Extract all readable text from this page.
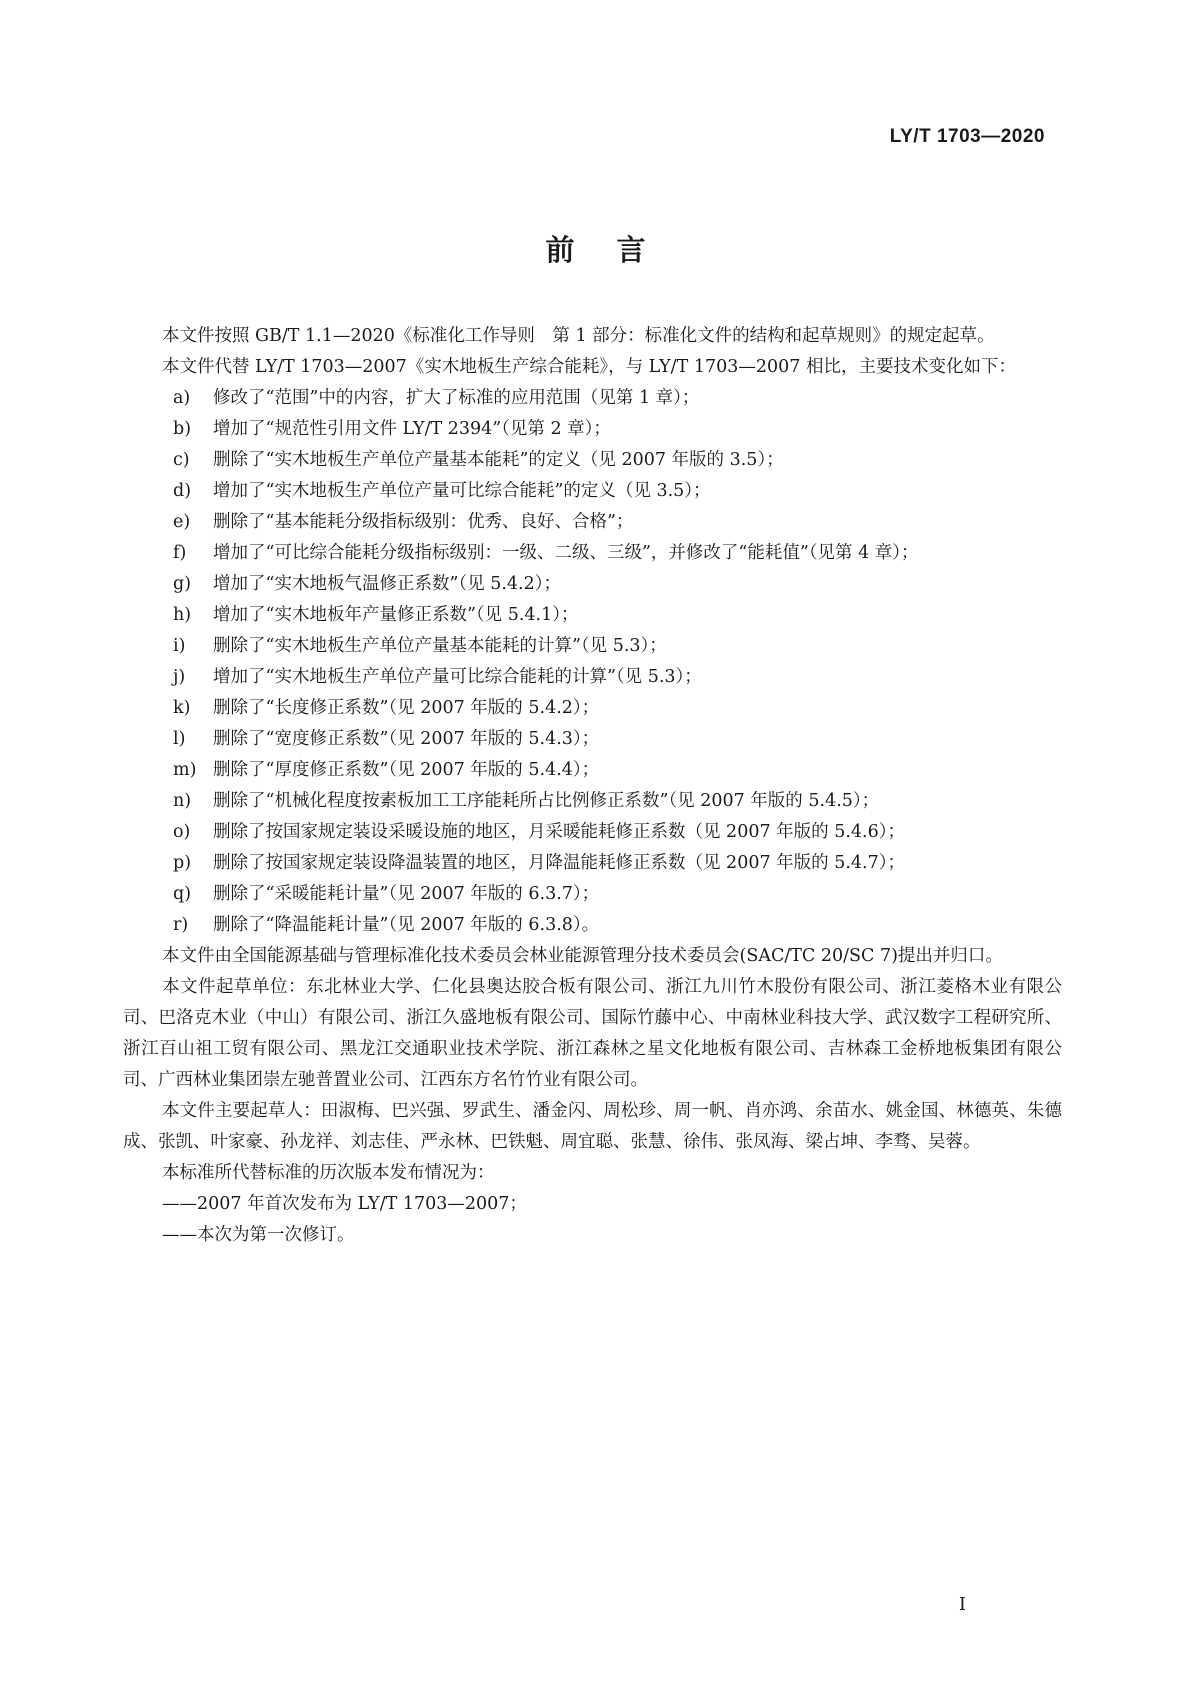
LY/T 1703—2020
前言

本文件按照 GB/T 1.1—2020《标准化工作导则　第 1 部分：标准化文件的结构和起草规则》的规定起草。

本文件代替 LY/T 1703—2007《实木地板生产综合能耗》，与 LY/T 1703—2007 相比，主要技术变化如下：

a)	修改了“范围”中的内容，扩大了标准的应用范围（见第 1 章）；
b)	增加了“规范性引用文件 LY/T 2394”（见第 2 章）；
c)	删除了“实木地板生产单位产量基本能耗”的定义（见 2007 年版的 3.5）；
d)	增加了“实木地板生产单位产量可比综合能耗”的定义（见 3.5）；
e)	删除了“基本能耗分级指标级别：优秀、良好、合格”；
f)	增加了“可比综合能耗分级指标级别：一级、二级、三级”，并修改了“能耗值”（见第 4 章）；
g)	增加了“实木地板气温修正系数”（见 5.4.2）；
h)	增加了“实木地板年产量修正系数”（见 5.4.1）；
i)	删除了“实木地板生产单位产量基本能耗的计算”（见 5.3）；
j)	增加了“实木地板生产单位产量可比综合能耗的计算”（见 5.3）；
k)	删除了“长度修正系数”（见 2007 年版的 5.4.2）；
l)	删除了“宽度修正系数”（见 2007 年版的 5.4.3）；
m) 删除了“厚度修正系数”（见 2007 年版的 5.4.4）；
n)	删除了“机械化程度按素板加工工序能耗所占比例修正系数”（见 2007 年版的 5.4.5）；
o)	删除了按国家规定装设采暖设施的地区，月采暖能耗修正系数（见 2007 年版的 5.4.6）；
p)	删除了按国家规定装设降温装置的地区，月降温能耗修正系数（见 2007 年版的 5.4.7）；
q)	删除了“采暖能耗计量”（见 2007 年版的 6.3.7）；
r)	删除了“降温能耗计量”（见 2007 年版的 6.3.8）。

本文件由全国能源基础与管理标准化技术委员会林业能源管理分技术委员会(SAC/TC 20/SC 7)提出并归口。

本文件起草单位：东北林业大学、仁化县奥达胶合板有限公司、浙江九川竹木股份有限公司、浙江菱格木业有限公司、巴洛克木业（中山）有限公司、浙江久盛地板有限公司、国际竹藤中心、中南林业科技大学、武汉数字工程研究所、浙江百山祖工贸有限公司、黑龙江交通职业技术学院、浙江森林之星文化地板有限公司、吉林森工金桥地板集团有限公司、广西林业集团崇左驰普置业公司、江西东方名竹竹业有限公司。

本文件主要起草人：田淑梅、巴兴强、罗武生、潘金闪、周松珍、周一帆、肖亦鸿、余苗水、姚金国、林德英、朱德成、张凯、叶家豪、孙龙祥、刘志佳、严永林、巴铁魁、周宜聪、张慧、徐伟、张凤海、梁占坤、李骛、吴蓉。

本标准所代替标准的历次版本发布情况为：

——2007 年首次发布为 LY/T 1703—2007；
——本次为第一次修订。
I
